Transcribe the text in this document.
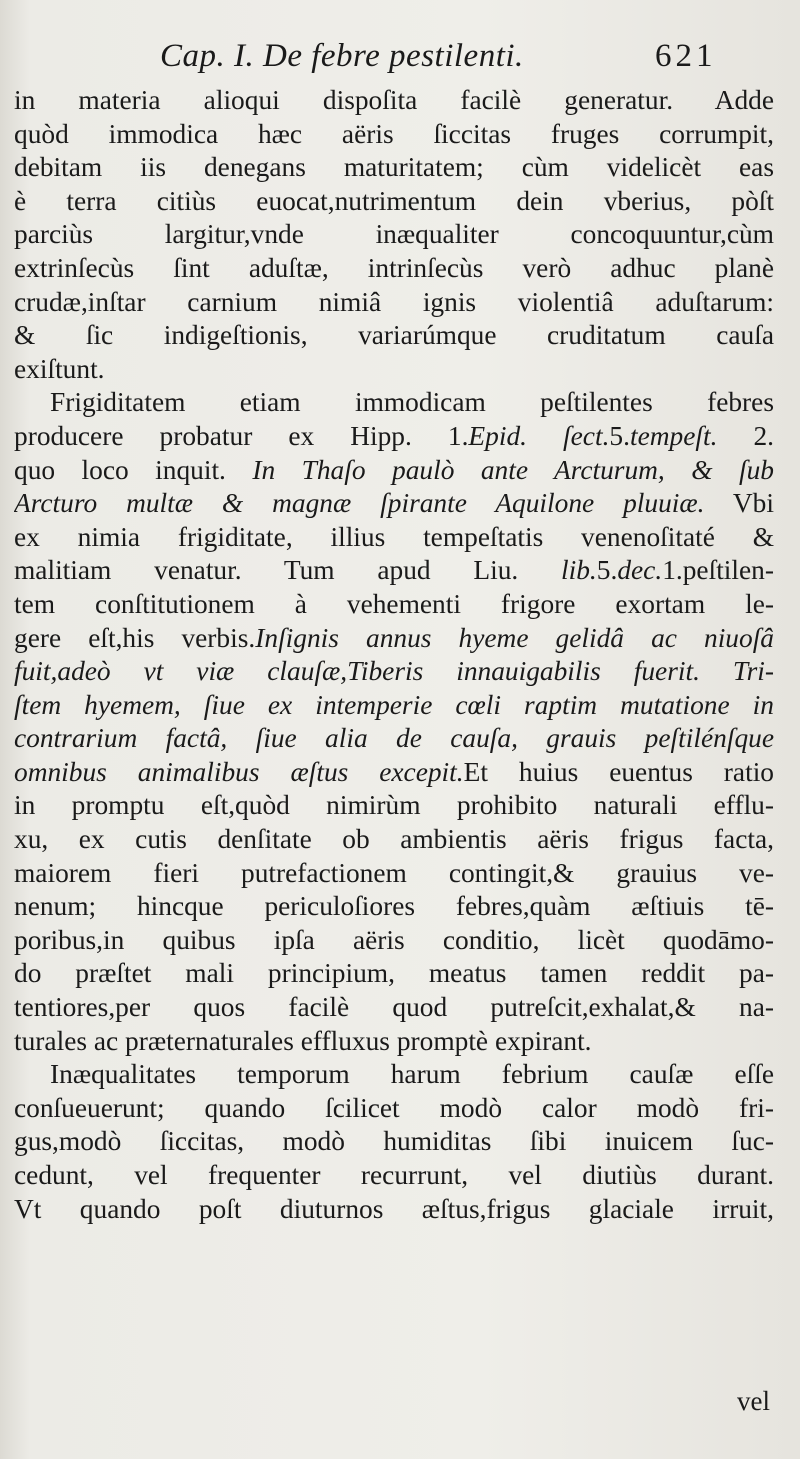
Cap. I. De febre pestilenti.	621
in materia alioqui dispoſita facilè generatur. Adde
quòd immodica hæc aëris ſiccitas fruges corrumpit,
debitam iis denegans maturitatem; cùm videlicèt eas
è terra citiùs euocat,nutrimentum dein vberius, pòſt
parciùs largitur,vnde inæqualiter concoquuntur,cùm
extrinſecùs ſint aduſtæ, intrinſecùs verò adhuc planè
crudæ,inſtar carnium nimiâ ignis violentiâ aduſtarum:
& ſic indigeſtionis, variarúmque cruditatum cauſa
exiſtunt.
Frigiditatem etiam immodicam peſtilentes febres
producere probatur ex Hipp. 1.Epid. ſect.5.tempeſt. 2.
quo loco inquit. In Thaſo paulò ante Arcturum, & ſub
Arcturo multæ & magnæ ſpirante Aquilone pluuiæ. Vbi
ex nimia frigiditate, illius tempeſtatis venenoſitaté &
malitiam venatur. Tum apud Liu. lib.5.dec.1.peſtilen-
tem conſtitutionem à vehementi frigore exortam le-
gere eſt,his verbis.Inſignis annus hyeme gelidâ ac niuoſâ
fuit,adeò vt viæ clauſæ,Tiberis innauigabilis fuerit. Tri-
ſtem hyemem, ſiue ex intemperie cœli raptim mutatione in
contrarium factâ, ſiue alia de cauſa, grauis peſtilénſque
omnibus animalibus æſtus excepit.Et huius euentus ratio
in promptu eſt,quòd nimirùm prohibito naturali efflu-
xu, ex cutis denſitate ob ambientis aëris frigus facta,
maiorem fieri putrefactionem contingit,& grauius ve-
nenum; hincque periculoſiores febres,quàm æſtiuis tē-
poribus,in quibus ipſa aëris conditio, licèt quodāmo-
do præſtet mali principium, meatus tamen reddit pa-
tentiores,per quos facilè quod putreſcit,exhalat,& na-
turales ac præternaturales effluxus promptè expirant.
Inæqualitates temporum harum febrium cauſæ eſſe
conſueuerunt; quando ſcilicet modò calor modò fri-
gus,modò ſiccitas, modò humiditas ſibi inuicem ſuc-
cedunt, vel frequenter recurrunt, vel diutiùs durant.
Vt quando poſt diuturnos æſtus,frigus glaciale irruit,
vel
